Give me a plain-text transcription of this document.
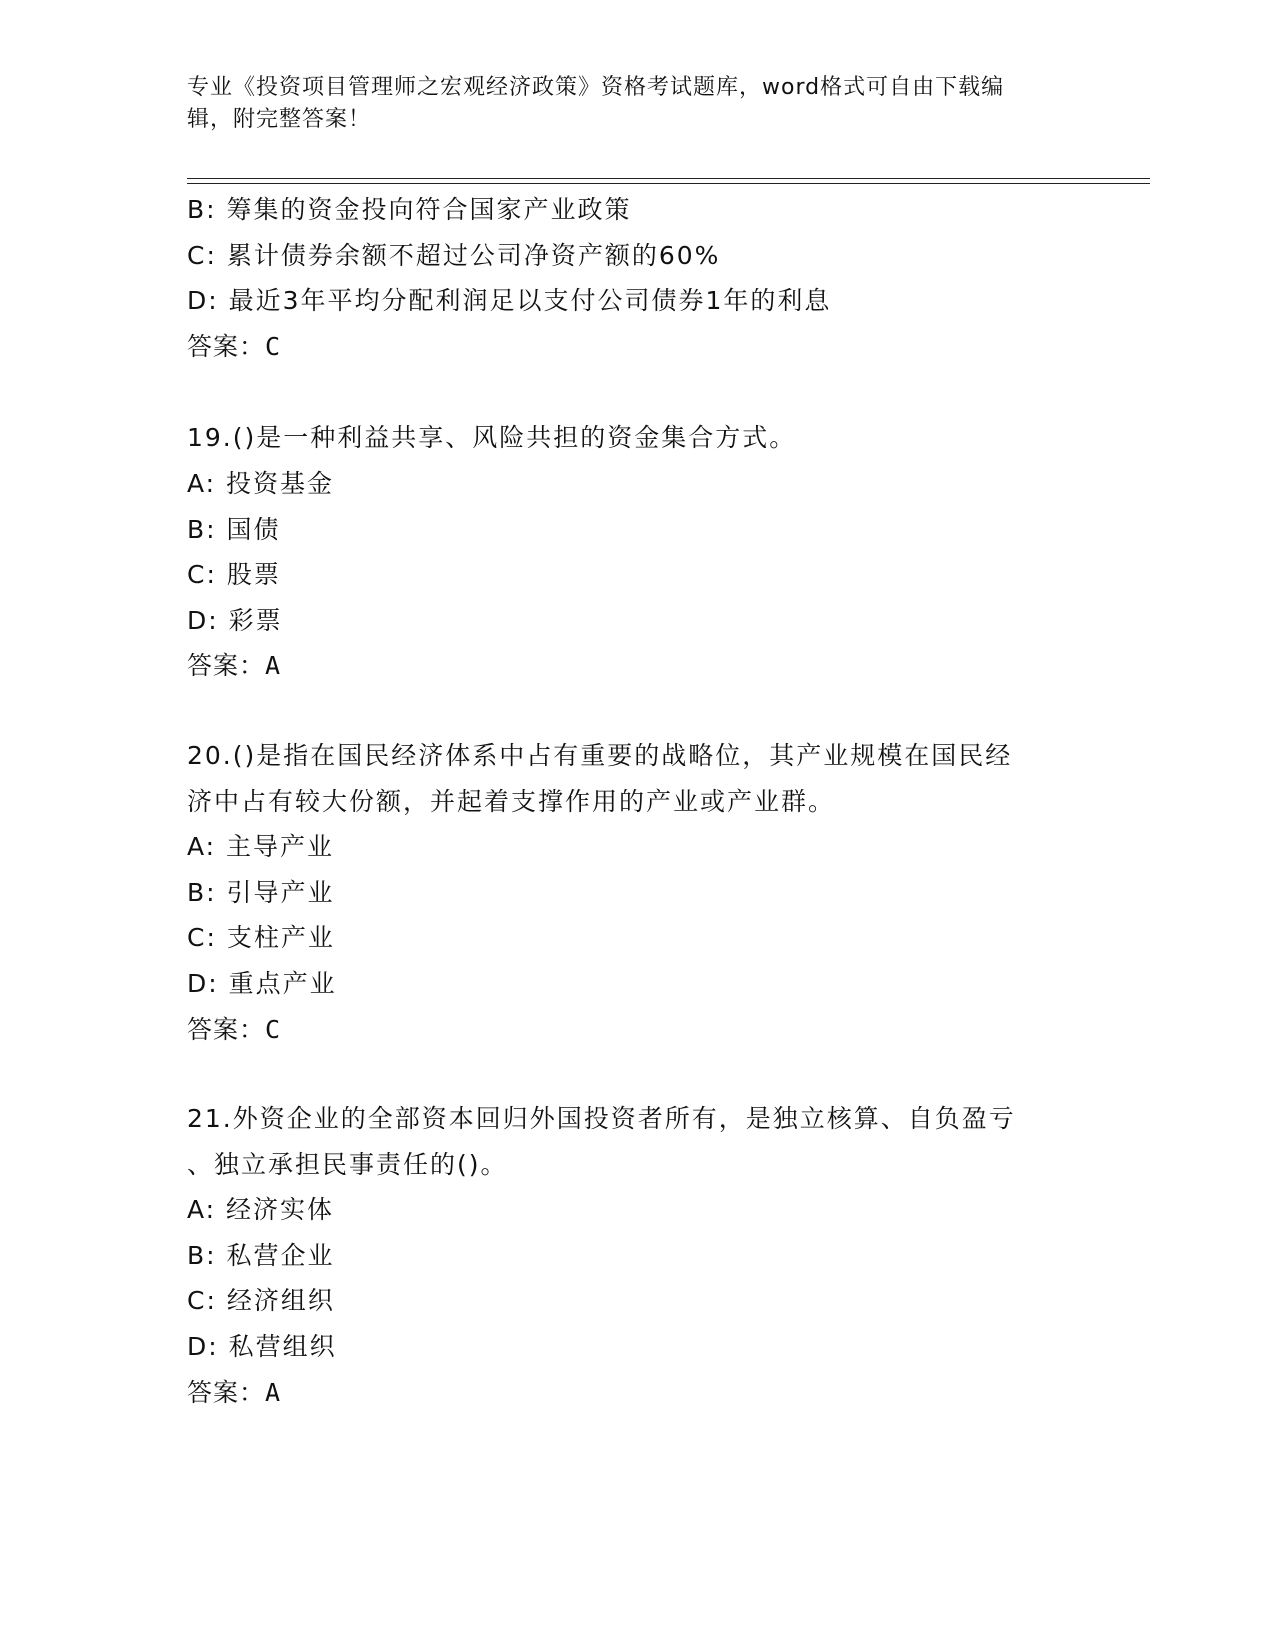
专业《投资项目管理师之宏观经济政策》资格考试题库，word格式可自由下载编
辑，附完整答案！
B: 筹集的资金投向符合国家产业政策
C: 累计债券余额不超过公司净资产额的60%
D: 最近3年平均分配利润足以支付公司债券1年的利息
答案：C
19.()是一种利益共享、风险共担的资金集合方式。
A: 投资基金
B: 国债
C: 股票
D: 彩票
答案：A
20.()是指在国民经济体系中占有重要的战略位，其产业规模在国民经
济中占有较大份额，并起着支撑作用的产业或产业群。
A: 主导产业
B: 引导产业
C: 支柱产业
D: 重点产业
答案：C
21.外资企业的全部资本回归外国投资者所有，是独立核算、自负盈亏
、独立承担民事责任的()。
A: 经济实体
B: 私营企业
C: 经济组织
D: 私营组织
答案：A
